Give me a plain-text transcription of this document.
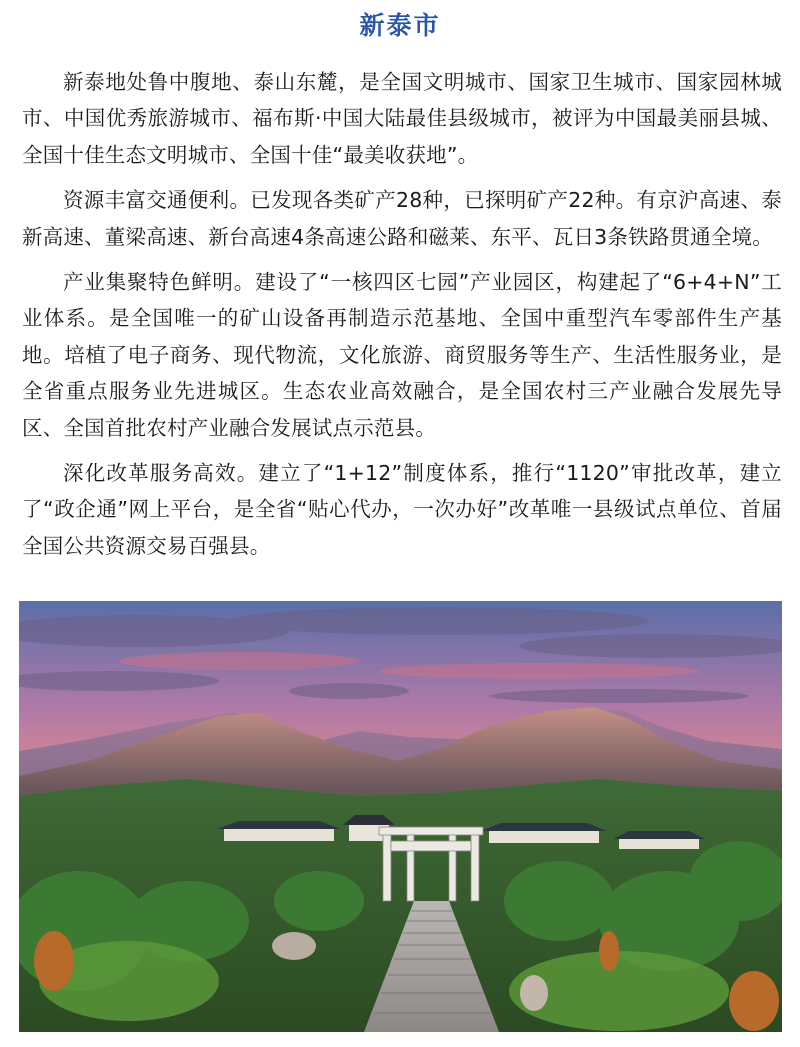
新泰市

新泰地处鲁中腹地、泰山东麓，是全国文明城市、国家卫生城市、国家园林城市、中国优秀旅游城市、福布斯·中国大陆最佳县级城市，被评为中国最美丽县城、全国十佳生态文明城市、全国十佳“最美收获地”。

资源丰富交通便利。已发现各类矿产28种，已探明矿产22种。有京沪高速、泰新高速、董梁高速、新台高速4条高速公路和磁莱、东平、瓦日3条铁路贯通全境。

产业集聚特色鲜明。建设了“一核四区七园”产业园区，构建起了“6+4+N”工业体系。是全国唯一的矿山设备再制造示范基地、全国中重型汽车零部件生产基地。培植了电子商务、现代物流，文化旅游、商贸服务等生产、生活性服务业，是全省重点服务业先进城区。生态农业高效融合，是全国农村三产业融合发展先导区、全国首批农村产业融合发展试点示范县。

深化改革服务高效。建立了“1+12”制度体系，推行“1120”审批改革，建立了“政企通”网上平台，是全省“贴心代办，一次办好”改革唯一县级试点单位、首届全国公共资源交易百强县。
